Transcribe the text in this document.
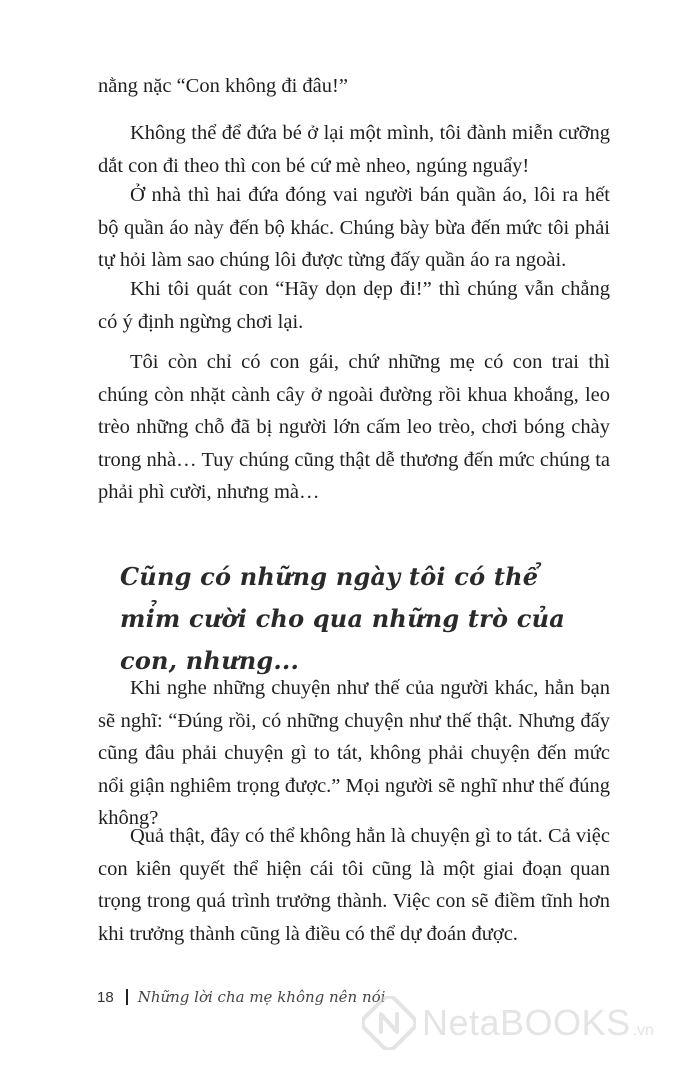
nằng nặc “Con không đi đâu!”

Không thể để đứa bé ở lại một mình, tôi đành miễn cưỡng dắt con đi theo thì con bé cứ mè nheo, ngúng nguẩy!

Ở nhà thì hai đứa đóng vai người bán quần áo, lôi ra hết bộ quần áo này đến bộ khác. Chúng bày bừa đến mức tôi phải tự hỏi làm sao chúng lôi được từng đấy quần áo ra ngoài.

Khi tôi quát con “Hãy dọn dẹp đi!” thì chúng vẫn chẳng có ý định ngừng chơi lại.

Tôi còn chỉ có con gái, chứ những mẹ có con trai thì chúng còn nhặt cành cây ở ngoài đường rồi khua khoắng, leo trèo những chỗ đã bị người lớn cấm leo trèo, chơi bóng chày trong nhà… Tuy chúng cũng thật dễ thương đến mức chúng ta phải phì cười, nhưng mà…

Cũng có những ngày tôi có thể mỉm cười cho qua những trò của con, nhưng...

Khi nghe những chuyện như thế của người khác, hẳn bạn sẽ nghĩ: “Đúng rồi, có những chuyện như thế thật. Nhưng đấy cũng đâu phải chuyện gì to tát, không phải chuyện đến mức nổi giận nghiêm trọng được.” Mọi người sẽ nghĩ như thế đúng không?

Quả thật, đây có thể không hẳn là chuyện gì to tát. Cả việc con kiên quyết thể hiện cái tôi cũng là một giai đoạn quan trọng trong quá trình trưởng thành. Việc con sẽ điềm tĩnh hơn khi trưởng thành cũng là điều có thể dự đoán được.

18 Những lời cha mẹ không nên nói
NetaBOOKS .vn
